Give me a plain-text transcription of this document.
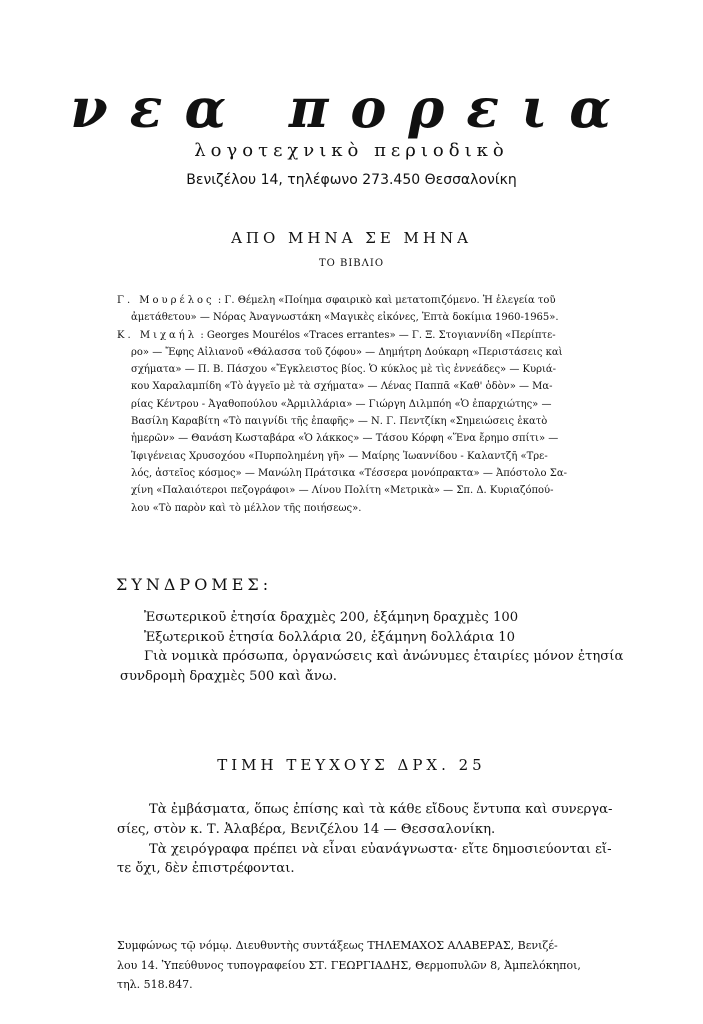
νεα πορεια
λογοτεχνικὸ περιοδικὸ
Βενιζέλου 14, τηλέφωνο 273.450 Θεσσαλονίκη
ΑΠΟ ΜΗΝΑ ΣΕ ΜΗΝΑ
ΤΟ ΒΙΒΛΙΟ

Γ. Μουρέλος : Γ. Θέμελη «Ποίημα σφαιρικὸ καὶ μετατοπιζόμενο. Ἡ ἐλεγεία τοῦ
ἀμετάθετου» — Νόρας Ἀναγνωστάκη «Μαγικὲς εἰκόνες, Ἑπτὰ δοκίμια 1960-1965».

Κ. Μιχαήλ : Georges Mourélos «Traces errantes» — Γ. Ξ. Στογιαννίδη «Περίπτε-
ρο» — Ἔφης Αἰλιανοῦ «Θάλασσα τοῦ ζόφου» — Δημήτρη Δούκαρη «Περιστάσεις καὶ
σχήματα» — Π. Β. Πάσχου «Ἔγκλειστος βίος. Ὁ κύκλος μὲ τὶς ἐννεάδες» — Κυριά-
κου Χαραλαμπίδη «Τὸ ἀγγεῖο μὲ τὰ σχήματα» — Λένας Παππᾶ «Καθ' ὁδὸν» — Μα-
ρίας Κέντρου - Ἀγαθοπούλου «Ἀρμιλλάρια» — Γιώργη Διλμπόη «Ὁ ἐπαρχιώτης» —
Βασίλη Καραβίτη «Τὸ παιγνίδι τῆς ἐπαφῆς» — Ν. Γ. Πεντζίκη «Σημειώσεις ἑκατὸ
ἡμερῶν» — Θανάση Κωσταβάρα «Ὁ λάκκος» — Τάσου Κόρφη «Ἕνα ἔρημο σπίτι» —
Ἰφιγένειας Χρυσοχόου «Πυρπολημένη γῆ» — Μαίρης Ἰωαννίδου - Καλαντζῆ «Τρε-
λός, ἀστεῖος κόσμος» — Μανώλη Πράτσικα «Τέσσερα μονόπρακτα» — Ἀπόστολο Σα-
χίνη «Παλαιότεροι πεζογράφοι» — Λίνου Πολίτη «Μετρικὰ» — Σπ. Δ. Κυριαζόπού-
λου «Τὸ παρὸν καὶ τὸ μέλλον τῆς ποιήσεως».

ΣΥΝΔΡΟΜΕΣ:
Ἐσωτερικοῦ ἐτησία δραχμὲς 200, ἑξάμηνη δραχμὲς 100
Ἐξωτερικοῦ ἐτησία δολλάρια 20, ἑξάμηνη δολλάρια 10
Γιὰ νομικὰ πρόσωπα, ὀργανώσεις καὶ ἀνώνυμες ἑταιρίες μόνον ἐτησία
συνδρομὴ δραχμὲς 500 καὶ ἄνω.
ΤΙΜΗ ΤΕΥΧΟΥΣ ΔΡΧ. 25
Τὰ ἐμβάσματα, ὅπως ἐπίσης καὶ τὰ κάθε εἴδους ἔντυπα καὶ συνεργα-
σίες, στὸν κ. Τ. Ἀλαβέρα, Βενιζέλου 14 — Θεσσαλονίκη.
Τὰ χειρόγραφα πρέπει νὰ εἶναι εὐανάγνωστα· εἴτε δημοσιεύονται εἴ-
τε ὄχι, δὲν ἐπιστρέφονται.
Συμφώνως τῷ νόμῳ. Διευθυντὴς συντάξεως ΤΗΛΕΜΑΧΟΣ ΑΛΑΒΕΡΑΣ, Βενιζέ-
λου 14. Ὑπεύθυνος τυπογραφείου ΣΤ. ΓΕΩΡΓΙΑΔΗΣ, Θερμοπυλῶν 8, Ἀμπελόκηποι,
τηλ. 518.847.
